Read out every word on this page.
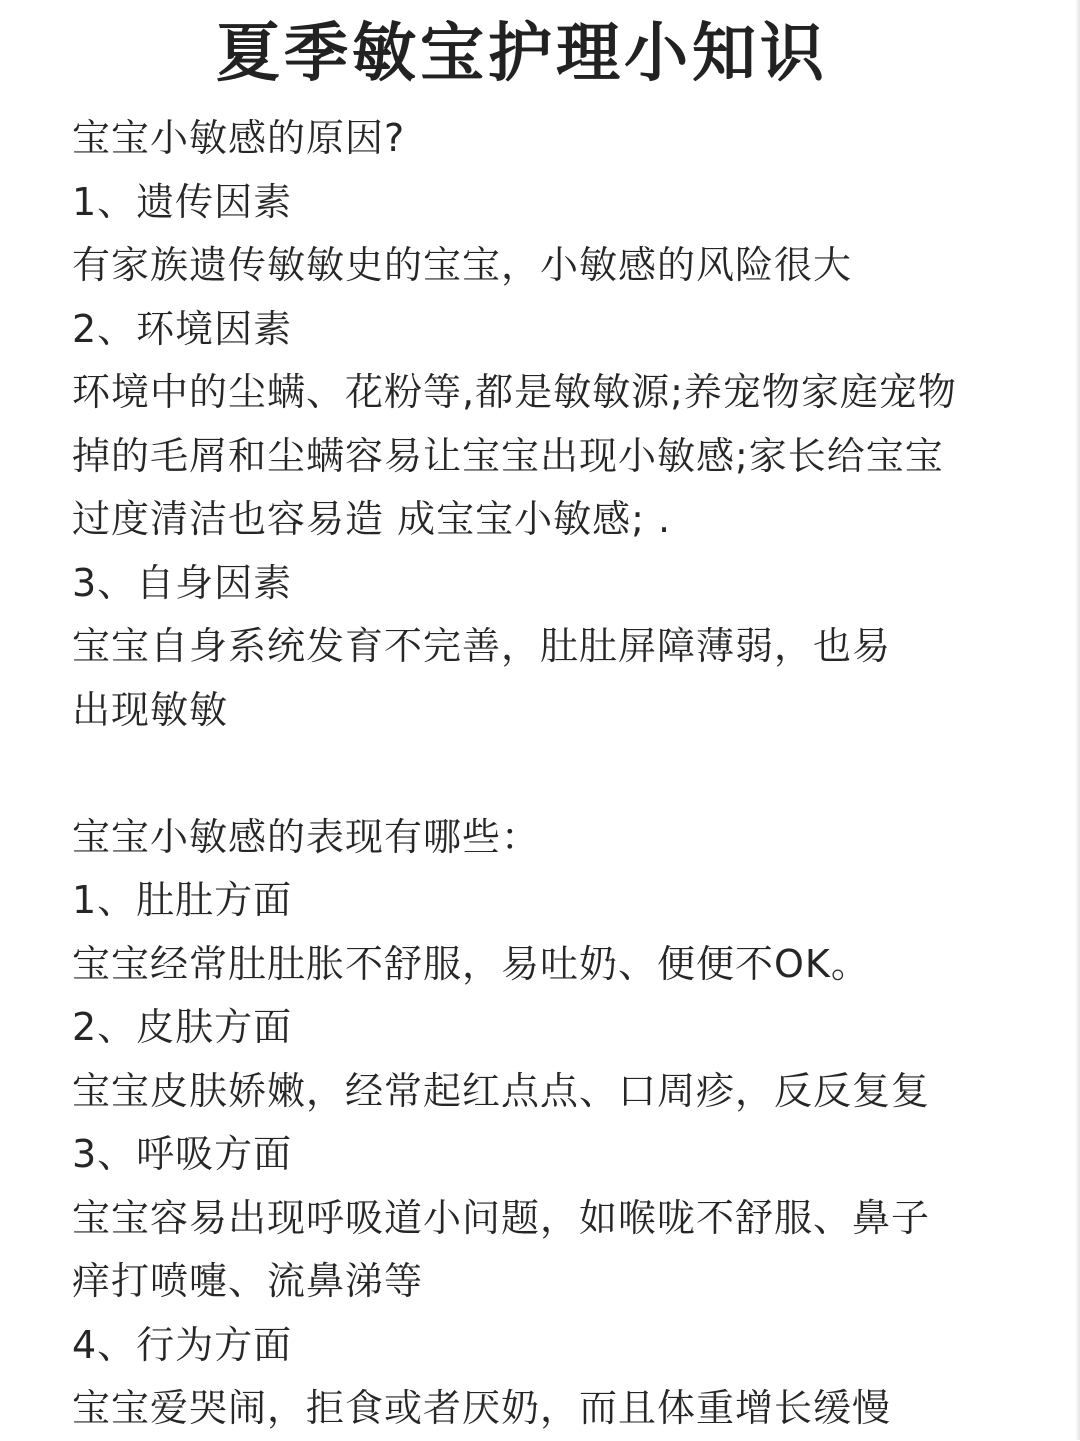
夏季敏宝护理小知识
宝宝小敏感的原因?
1、遗传因素
有家族遗传敏敏史的宝宝，小敏感的风险很大
2、环境因素
环境中的尘螨、花粉等,都是敏敏源;养宠物家庭宠物
掉的毛屑和尘螨容易让宝宝出现小敏感;家长给宝宝
过度清洁也容易造 成宝宝小敏感; .
3、自身因素
宝宝自身系统发育不完善，肚肚屏障薄弱，也易
出现敏敏
宝宝小敏感的表现有哪些：
1、肚肚方面
宝宝经常肚肚胀不舒服，易吐奶、便便不OK。
2、皮肤方面
宝宝皮肤娇嫩，经常起红点点、口周疹，反反复复
3、呼吸方面
宝宝容易出现呼吸道小问题，如喉咙不舒服、鼻子
痒打喷嚏、流鼻涕等
4、行为方面
宝宝爱哭闹，拒食或者厌奶，而且体重增长缓慢
